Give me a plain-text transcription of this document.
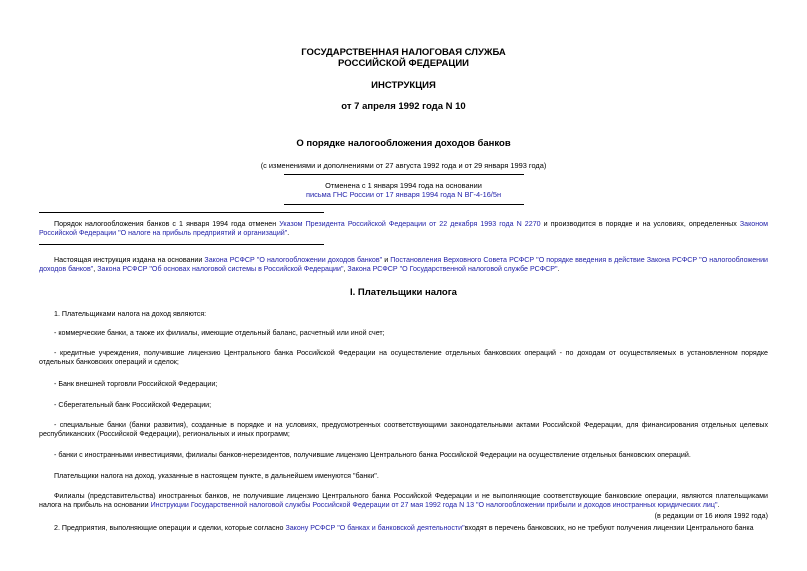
ГОСУДАРСТВЕННАЯ НАЛОГОВАЯ СЛУЖБА
РОССИЙСКОЙ ФЕДЕРАЦИИ
ИНСТРУКЦИЯ
от 7 апреля 1992 года N 10
О порядке налогообложения доходов банков
(с изменениями и дополнениями от 27 августа 1992 года и от 29 января 1993 года)
Отменена с 1 января 1994 года на основании
письма ГНС России от 17 января 1994 года N ВГ-4-16/5н
Порядок налогообложения банков с 1 января 1994 года отменен Указом Президента Российской Федерации от 22 декабря 1993 года N 2270 и производится в порядке и на условиях, определенных Законом Российской Федерации "О налоге на прибыль предприятий и организаций".
Настоящая инструкция издана на основании Закона РСФСР "О налогообложении доходов банков" и Постановления Верховного Совета РСФСР "О порядке введения в действие Закона РСФСР "О налогообложении доходов банков", Закона РСФСР "Об основах налоговой системы в Российской Федерации", Закона РСФСР "О Государственной налоговой службе РСФСР".
I. Плательщики налога
1. Плательщиками налога на доход являются:
- коммерческие банки, а также их филиалы, имеющие отдельный баланс, расчетный или иной счет;
- кредитные учреждения, получившие лицензию Центрального банка Российской Федерации на осуществление отдельных банковских операций - по доходам от осуществляемых в установленном порядке отдельных банковских операций и сделок;
- Банк внешней торговли Российской Федерации;
- Сберегательный банк Российской Федерации;
- специальные банки (банки развития), созданные в порядке и на условиях, предусмотренных соответствующими законодательными актами Российской Федерации, для финансирования отдельных целевых республиканских (Российской Федерации), региональных и иных программ;
- банки с иностранными инвестициями, филиалы банков-нерезидентов, получившие лицензию Центрального банка Российской Федерации на осуществление отдельных банковских операций.
Плательщики налога на доход, указанные в настоящем пункте, в дальнейшем именуются "банки".
Филиалы (представительства) иностранных банков, не получившие лицензию Центрального банка Российской Федерации и не выполняющие соответствующие банковские операции, являются плательщиками налога на прибыль на основании Инструкции Государственной налоговой службы Российской Федерации от 27 мая 1992 года N 13 "О налогообложении прибыли и доходов иностранных юридических лиц".
(в редакции от 16 июля 1992 года)
2. Предприятия, выполняющие операции и сделки, которые согласно Закону РСФСР "О банках и банковской деятельности"входят в перечень банковских, но не требуют получения лицензии Центрального банка
